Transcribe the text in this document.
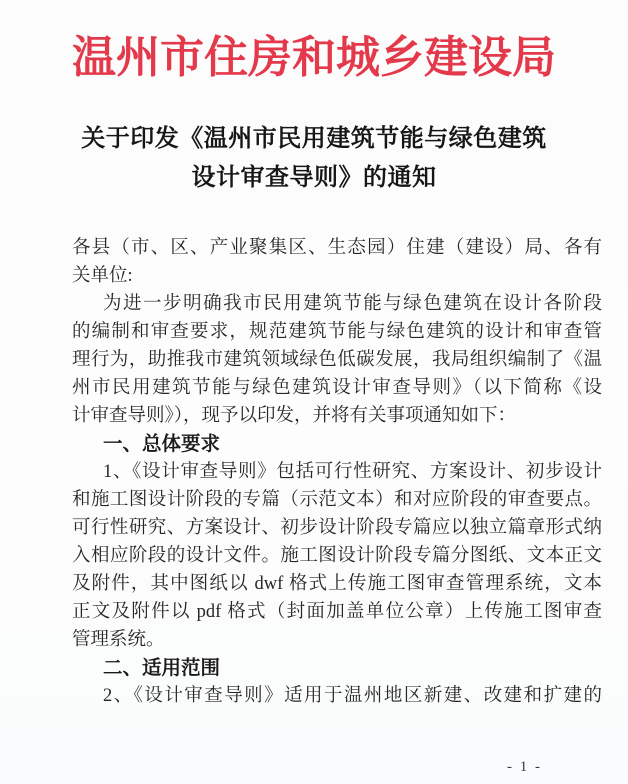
温州市住房和城乡建设局
关于印发《温州市民用建筑节能与绿色建筑
设计审查导则》的通知
各县（市、区、产业聚集区、生态园）住建（建设）局、各有
关单位:
为进一步明确我市民用建筑节能与绿色建筑在设计各阶段
的编制和审查要求，规范建筑节能与绿色建筑的设计和审查管
理行为，助推我市建筑领域绿色低碳发展，我局组织编制了《温
州市民用建筑节能与绿色建筑设计审查导则》（以下简称《设
计审查导则》），现予以印发，并将有关事项通知如下：
一、总体要求
1、《设计审查导则》包括可行性研究、方案设计、初步设计
和施工图设计阶段的专篇（示范文本）和对应阶段的审查要点。
可行性研究、方案设计、初步设计阶段专篇应以独立篇章形式纳
入相应阶段的设计文件。施工图设计阶段专篇分图纸、文本正文
及附件，其中图纸以 dwf 格式上传施工图审查管理系统，文本
正文及附件以 pdf 格式（封面加盖单位公章）上传施工图审查
管理系统。
二、适用范围
2、《设计审查导则》适用于温州地区新建、改建和扩建的
- 1 -
